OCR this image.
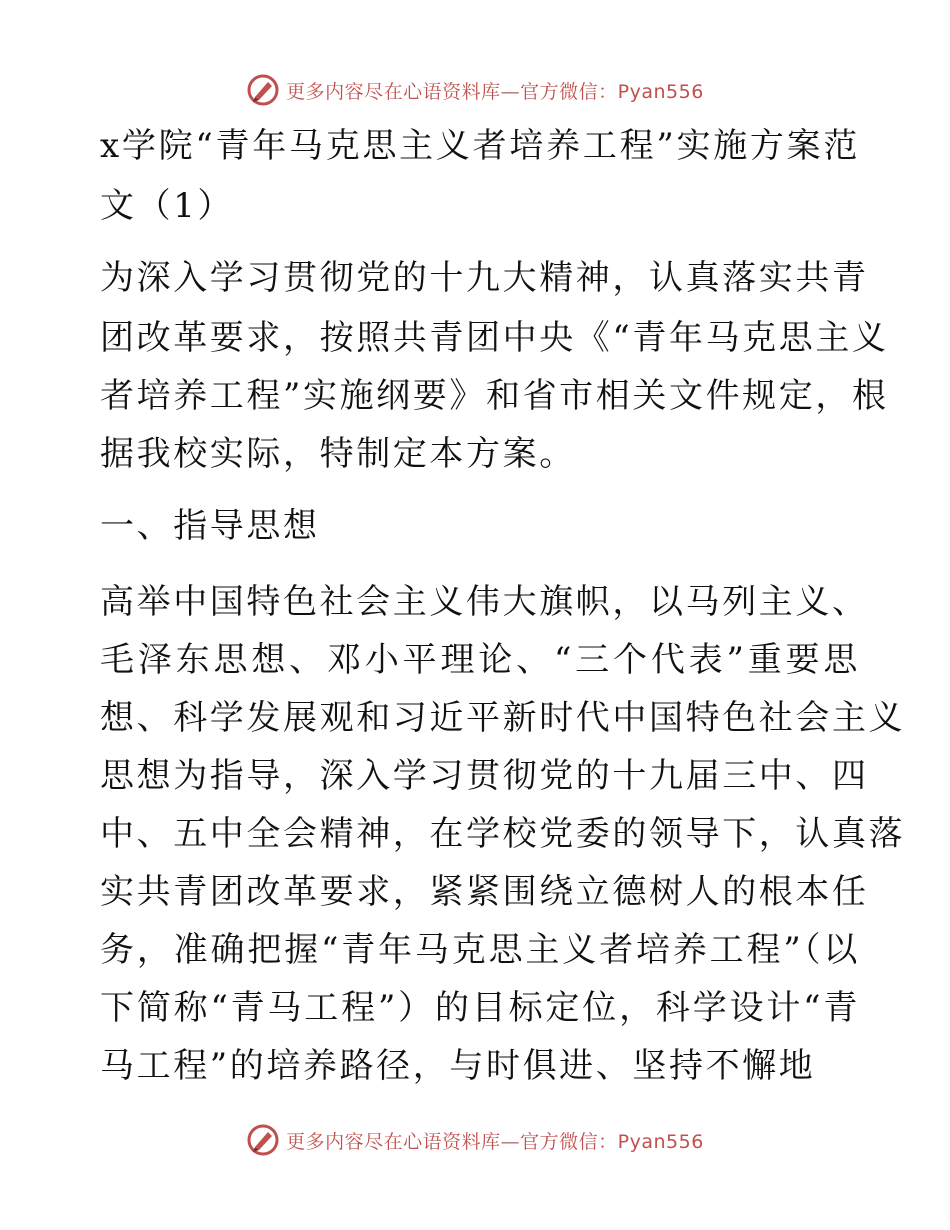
更多内容尽在心语资料库—官方微信：Pyan556
x学院“青年马克思主义者培养工程”实施方案范
文（1）
为深入学习贯彻党的十九大精神，认真落实共青
团改革要求，按照共青团中央《“青年马克思主义
者培养工程”实施纲要》和省市相关文件规定，根
据我校实际，特制定本方案。
一、指导思想
高举中国特色社会主义伟大旗帜，以马列主义、
毛泽东思想、邓小平理论、“三个代表”重要思
想、科学发展观和习近平新时代中国特色社会主义
思想为指导，深入学习贯彻党的十九届三中、四
中、五中全会精神，在学校党委的领导下，认真落
实共青团改革要求，紧紧围绕立德树人的根本任
务，准确把握“青年马克思主义者培养工程”（以
下简称“青马工程”）的目标定位，科学设计“青
马工程”的培养路径，与时俱进、坚持不懈地
更多内容尽在心语资料库—官方微信：Pyan556
